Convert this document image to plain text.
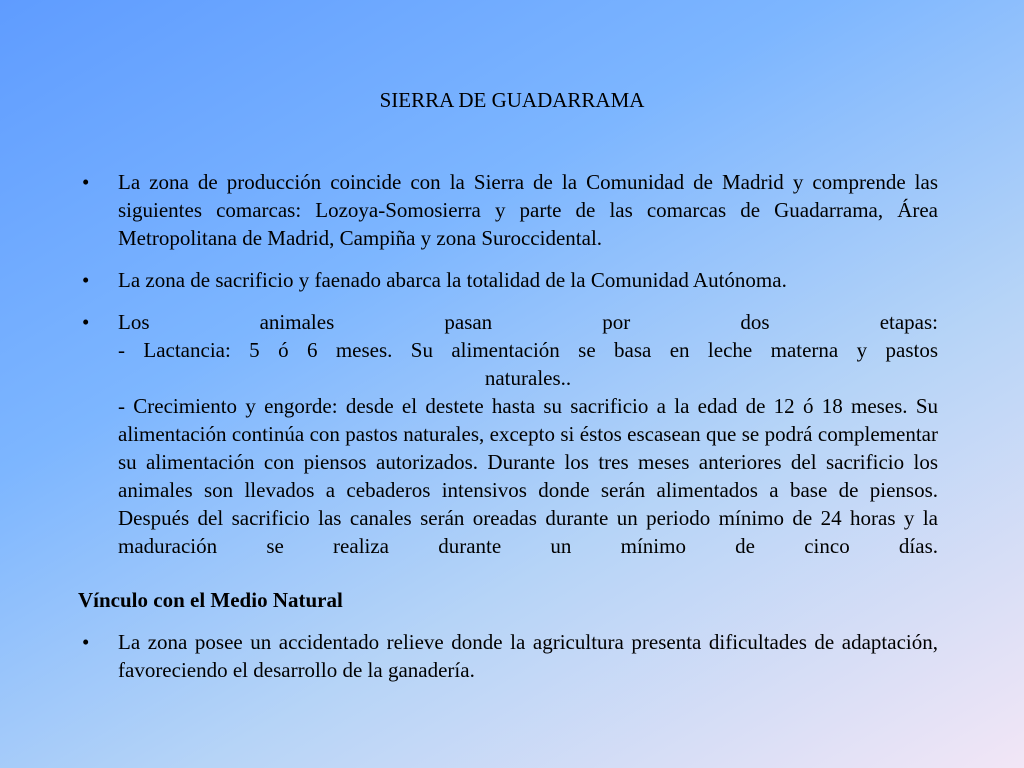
SIERRA DE GUADARRAMA
• La zona de producción coincide con la Sierra de la Comunidad de Madrid y comprende las siguientes comarcas: Lozoya-Somosierra y parte de las comarcas de Guadarrama, Área Metropolitana de Madrid, Campiña y zona Suroccidental.

• La zona de sacrificio y faenado abarca la totalidad de la Comunidad Autónoma.

• Los animales pasan por dos etapas:

- Lactancia: 5 ó 6 meses. Su alimentación se basa en leche materna y pastos

naturales..

- Crecimiento y engorde: desde el destete hasta su sacrificio a la edad de 12 ó 18 meses. Su alimentación continúa con pastos naturales, excepto si éstos escasean que se podrá complementar su alimentación con piensos autorizados. Durante los tres meses anteriores del sacrificio los animales son llevados a cebaderos intensivos donde serán alimentados a base de piensos. Después del sacrificio las canales serán oreadas durante un periodo mínimo de 24 horas y la maduración se realiza durante un mínimo de cinco días.

Vínculo con el Medio Natural
• La zona posee un accidentado relieve donde la agricultura presenta dificultades de adaptación, favoreciendo el desarrollo de la ganadería.
